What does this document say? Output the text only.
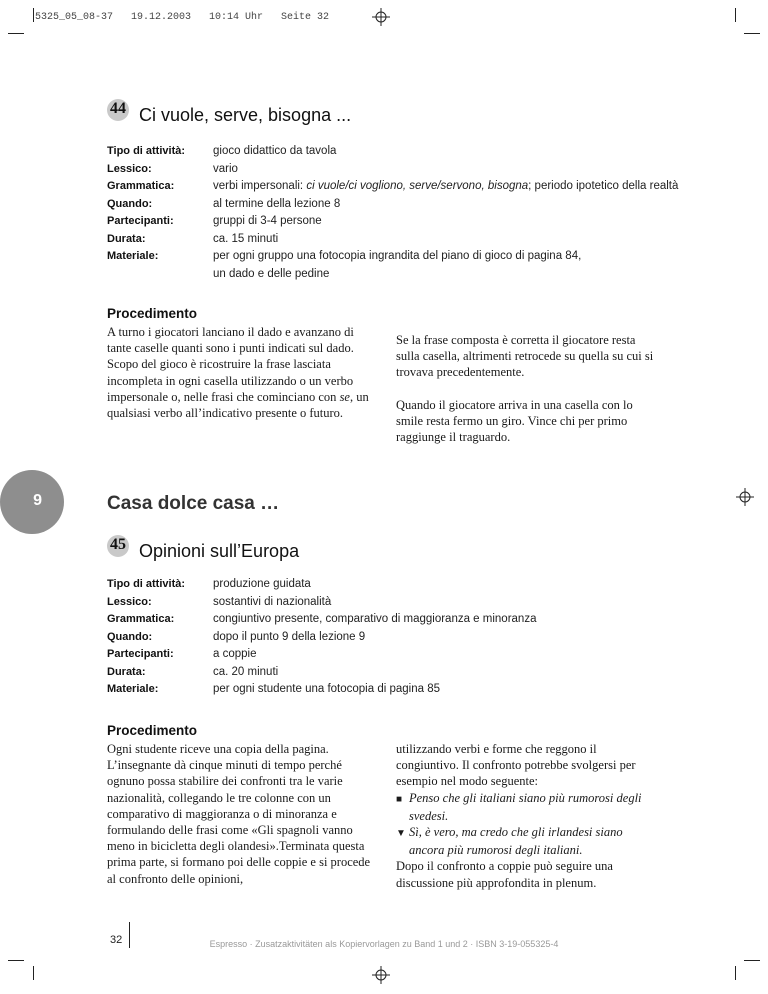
5325_05_08-37   19.12.2003   10:14 Uhr   Seite 32
44 Ci vuole, serve, bisogna ...
Tipo di attività:	gioco didattico da tavola
Lessico:	vario
Grammatica:	verbi impersonali: ci vuole/ci vogliono, serve/servono, bisogna; periodo ipotetico della realtà
Quando:	al termine della lezione 8
Partecipanti:	gruppi di 3-4 persone
Durata:	ca. 15 minuti
Materiale:	per ogni gruppo una fotocopia ingrandita del piano di gioco di pagina 84,
un dado e delle pedine
Procedimento

A turno i giocatori lanciano il dado e avanzano di tante caselle quanti sono i punti indicati sul dado. Scopo del gioco è ricostruire la frase lasciata incompleta in ogni casella utilizzando o un verbo impersonale o, nelle frasi che cominciano con se, un qualsiasi verbo all’indicativo presente o futuro.

Se la frase composta è corretta il giocatore resta sulla casella, altrimenti retrocede su quella su cui si trovava precedentemente.

Quando il giocatore arriva in una casella con lo smile resta fermo un giro. Vince chi per primo raggiunge il traguardo.

9	Casa dolce casa …
45 Opinioni sull’Europa
Tipo di attività:	produzione guidata
Lessico:	sostantivi di nazionalità
Grammatica:	congiuntivo presente, comparativo di maggioranza e minoranza
Quando:	dopo il punto 9 della lezione 9
Partecipanti:	a coppie
Durata:	ca. 20 minuti
Materiale:	per ogni studente una fotocopia di pagina 85
Procedimento

Ogni studente riceve una copia della pagina. L’insegnante dà cinque minuti di tempo perché ognuno possa stabilire dei confronti tra le varie nazionalità, collegando le tre colonne con un comparativo di maggioranza o di minoranza e formulando delle frasi come «Gli spagnoli vanno meno in bicicletta degli olandesi».Terminata questa prima parte, si formano poi delle coppie e si procede al confronto delle opinioni,

utilizzando verbi e forme che reggono il congiuntivo. Il confronto potrebbe svolgersi per esempio nel modo seguente:
■ Penso che gli italiani siano più rumorosi degli svedesi.
▼ Sì, è vero, ma credo che gli irlandesi siano ancora più rumorosi degli italiani.
Dopo il confronto a coppie può seguire una discussione più approfondita in plenum.
32	Espresso · Zusatzaktivitäten als Kopiervorlagen zu Band 1 und 2 · ISBN 3-19-055325-4
